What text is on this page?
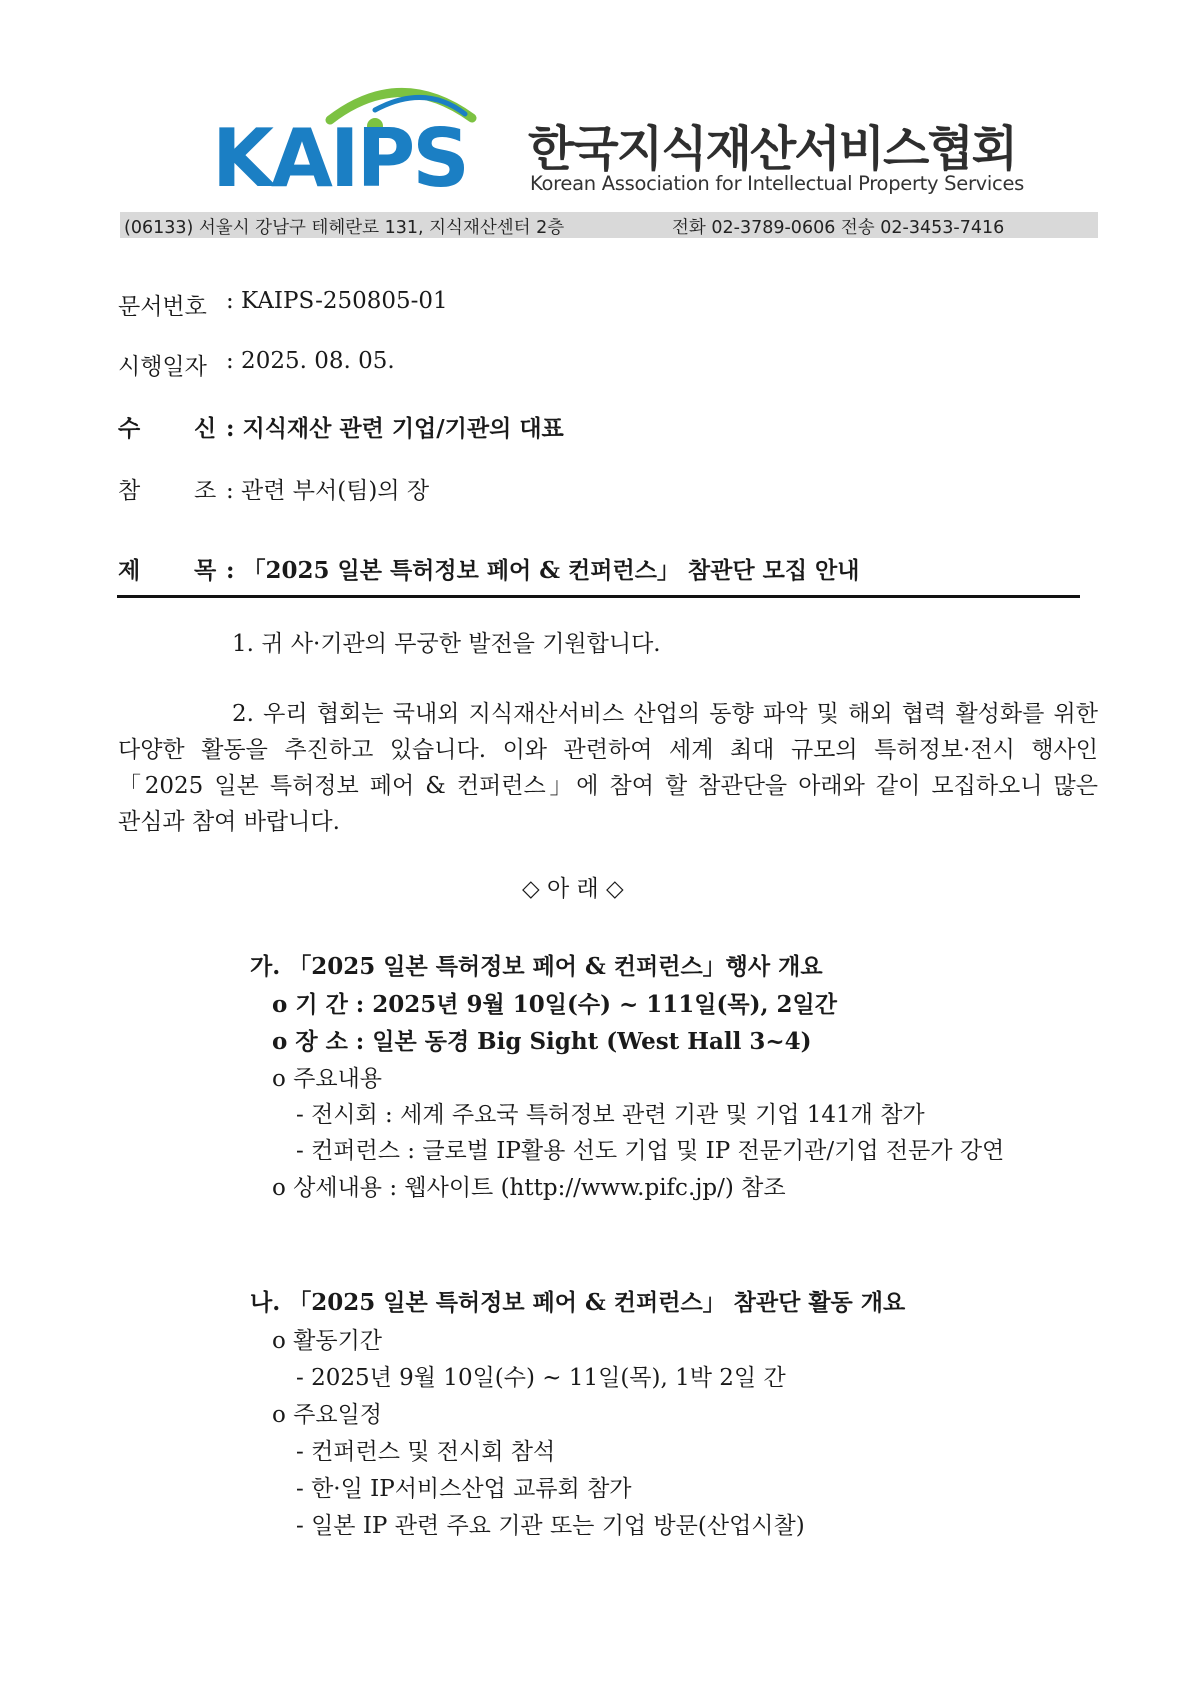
KAIPS 한국지식재산서비스협회
Korean Association for Intellectual Property Services
(06133) 서울시 강남구 테헤란로 131, 지식재산센터 2층	전화 02-3789-0606 전송 02-3453-7416
문서번호 : KAIPS-250805-01
시행일자 : 2025. 08. 05.
수 신 : 지식재산 관련 기업/기관의 대표
참 조 : 관련 부서(팀)의 장
제 목 : 「2025 일본 특허정보 페어 & 컨퍼런스」 참관단 모집 안내
1. 귀 사·기관의 무궁한 발전을 기원합니다.
2. 우리 협회는 국내외 지식재산서비스 산업의 동향 파악 및 해외 협력 활성화를 위한
다양한 활동을 추진하고 있습니다. 이와 관련하여 세계 최대 규모의 특허정보·전시 행사인
「2025 일본 특허정보 페어 & 컨퍼런스」에 참여 할 참관단을 아래와 같이 모집하오니 많은
관심과 참여 바랍니다.
◇ 아 래 ◇
가. 「2025 일본 특허정보 페어 & 컨퍼런스」행사 개요
o 기 간 : 2025년 9월 10일(수) ~ 111일(목), 2일간
o 장 소 : 일본 동경 Big Sight (West Hall 3~4)
o 주요내용
- 전시회 : 세계 주요국 특허정보 관련 기관 및 기업 141개 참가
- 컨퍼런스 : 글로벌 IP활용 선도 기업 및 IP 전문기관/기업 전문가 강연
o 상세내용 : 웹사이트 (http://www.pifc.jp/) 참조
나. 「2025 일본 특허정보 페어 & 컨퍼런스」 참관단 활동 개요
o 활동기간
- 2025년 9월 10일(수) ~ 11일(목), 1박 2일 간
o 주요일정
- 컨퍼런스 및 전시회 참석
- 한·일 IP서비스산업 교류회 참가
- 일본 IP 관련 주요 기관 또는 기업 방문(산업시찰)
